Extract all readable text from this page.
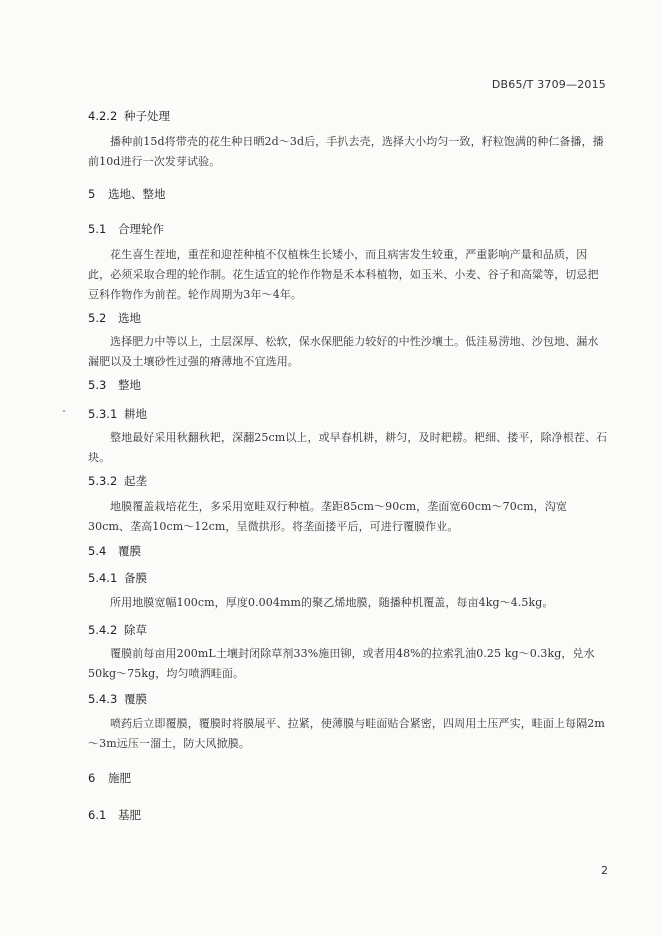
DB65/T 3709—2015
4.2.2 种子处理
播种前15d将带壳的花生种日晒2d～3d后，手扒去壳，选择大小均匀一致，籽粒饱满的种仁备播，播前10d进行一次发芽试验。
5 选地、整地
5.1 合理轮作
花生喜生茬地，重茬和迎茬种植不仅植株生长矮小，而且病害发生较重，严重影响产量和品质，因此，必须采取合理的轮作制。花生适宜的轮作作物是禾本科植物，如玉米、小麦、谷子和高粱等，切忌把豆科作物作为前茬。轮作周期为3年～4年。
5.2 选地
选择肥力中等以上，土层深厚、松软，保水保肥能力较好的中性沙壤土。低洼易涝地、沙包地、漏水漏肥以及土壤砂性过强的瘠薄地不宜选用。
5.3 整地
5.3.1 耕地
整地最好采用秋翻秋耙，深翻25cm以上，或早春机耕，耕匀，及时耙耢。耙细、搂平，除净根茬、石块。
5.3.2 起垄
地膜覆盖栽培花生，多采用宽畦双行种植。垄距85cm～90cm，垄面宽60cm～70cm，沟宽30cm、垄高10cm～12cm，呈微拱形。将垄面搂平后，可进行覆膜作业。
5.4 覆膜
5.4.1 备膜
所用地膜宽幅100cm，厚度0.004mm的聚乙烯地膜，随播种机覆盖，每亩4kg～4.5kg。
5.4.2 除草
覆膜前每亩用200mL土壤封闭除草剂33%施田铆，或者用48%的拉索乳油0.25 kg～0.3kg，兑水50kg～75kg，均匀喷洒畦面。
5.4.3 覆膜
喷药后立即覆膜，覆膜时将膜展平、拉紧，使薄膜与畦面贴合紧密，四周用土压严实，畦面上每隔2m～3m远压一溜土，防大风掀膜。
6 施肥
6.1 基肥
2
